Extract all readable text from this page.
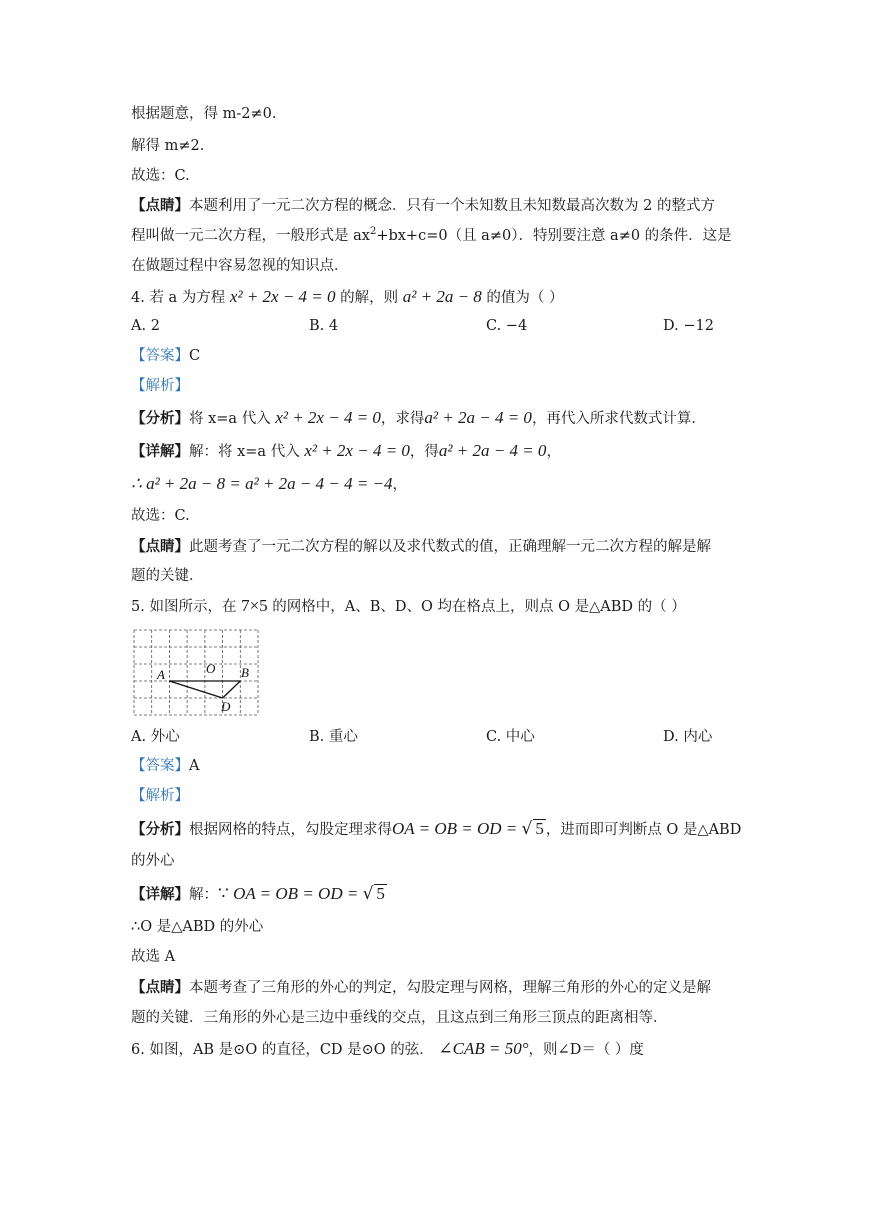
根据题意，得 m-2≠0.
解得 m≠2.
故选：C.
【点睛】本题利用了一元二次方程的概念．只有一个未知数且未知数最高次数为 2 的整式方
程叫做一元二次方程，一般形式是 $ax^2+bx+c=0$（且 a≠0）．特别要注意 a≠0 的条件．这是
在做题过程中容易忽视的知识点．
4. 若 a 为方程 x² + 2x − 4 = 0 的解，则 a² + 2a − 8 的值为（ ）
A. 2	B. 4	C. −4	D. −12
【答案】C
【解析】
【分析】将 x=a 代入 x² + 2x − 4 = 0，求得a² + 2a − 4 = 0，再代入所求代数式计算．
【详解】解：将 x=a 代入 x² + 2x − 4 = 0，得a² + 2a − 4 = 0，
∴ a² + 2a − 8 = a² + 2a − 4 − 4 = −4，
故选：C.
【点睛】此题考查了一元二次方程的解以及求代数式的值，正确理解一元二次方程的解是解
题的关键．
5. 如图所示，在 7×5 的网格中，A、B、D、O 均在格点上，则点 O 是△ABD 的（ ）
A	O B
D
A. 外心	B. 重心	C. 中心	D. 内心
【答案】A
【解析】
【分析】根据网格的特点，勾股定理求得OA = OB = OD = √ 5 ，进而即可判断点 O 是△ABD
的外心
【详解】解：∵ OA = OB = OD = √ 5
∴O 是△ABD 的外心
故选 A
【点睛】本题考查了三角形的外心的判定，勾股定理与网格，理解三角形的外心的定义是解
题的关键．三角形的外心是三边中垂线的交点，且这点到三角形三顶点的距离相等．
6. 如图，AB 是⊙O 的直径，CD 是⊙O 的弦． ∠CAB = 50°，则∠D＝（ ）度
